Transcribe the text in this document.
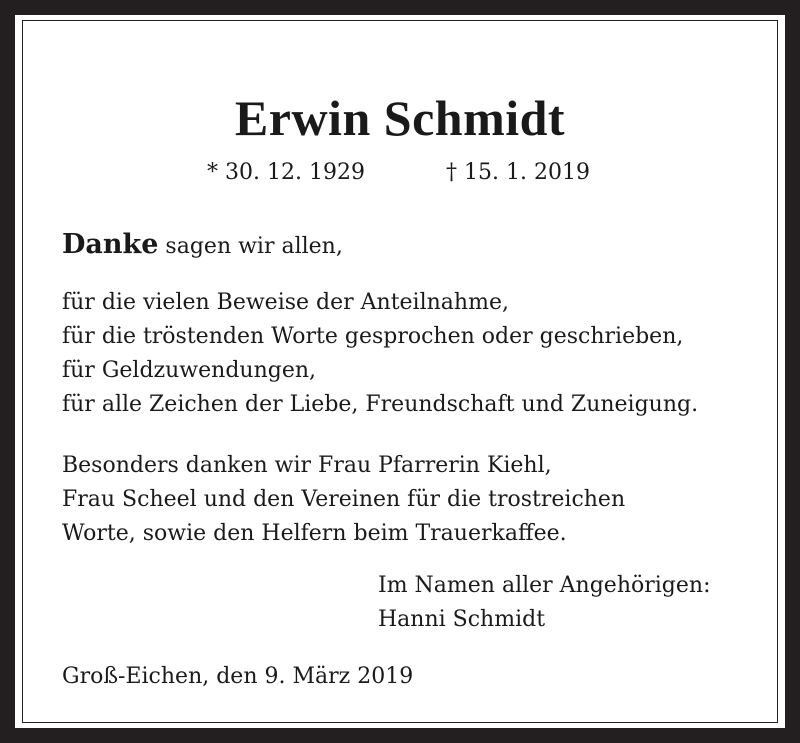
Erwin Schmidt
* 30. 12. 1929	† 15. 1. 2019
Danke sagen wir allen,
für die vielen Beweise der Anteilnahme,
für die tröstenden Worte gesprochen oder geschrieben,
für Geldzuwendungen,
für alle Zeichen der Liebe, Freundschaft und Zuneigung.
Besonders danken wir Frau Pfarrerin Kiehl,
Frau Scheel und den Vereinen für die trostreichen
Worte, sowie den Helfern beim Trauerkaffee.
Im Namen aller Angehörigen:
Hanni Schmidt
Groß-Eichen, den 9. März 2019
